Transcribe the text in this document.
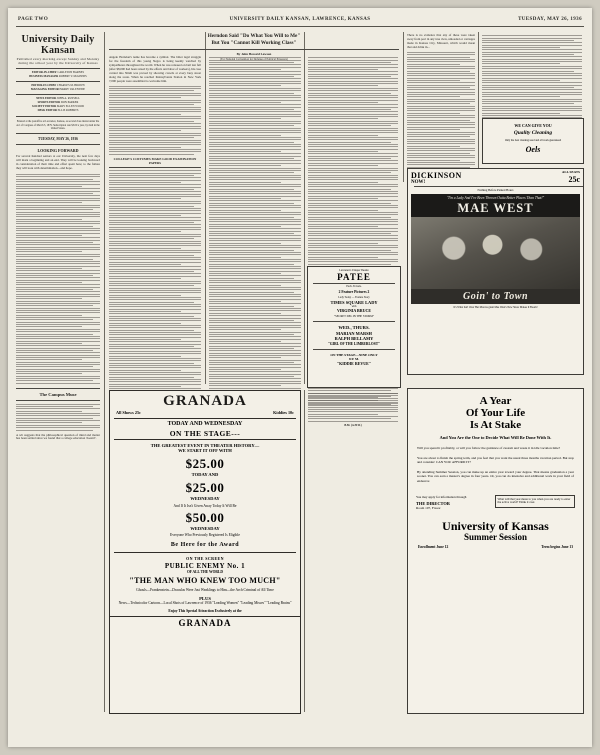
PAGE TWO	UNIVERSITY DAILY KANSAN, LAWRENCE, KANSAS	TUESDAY, MAY 26, 1936
University Daily Kansan
Published every morning except Sunday and Monday during the school year by the University of Kansas
EDITOR-IN-CHIEF CARLETON BARNES
BUSINESS MANAGER ROBERT V. McGINNIS
EDITOR-IN-CHIEF CHARLES M. BROWN
MANAGING EDITOR HARRY VALENTINE
NEWS EDITOR JOHN A. RUSSELL
SPORTS EDITOR DON PARKER
SOCIETY EDITOR MARY ELLEN WOOD
DESK EDITOR ELLIS ROBERTS
Entered at the postoffice at Lawrence, Kansas, as second class matter under the Act of Congress of March 3, 1879. Subscription rate $3.00 a year, by mail in the United States.
TUESDAY, MAY 26, 1936
LOOKING FORWARD
For several hundred seniors at our University, the next few days will mark a beginning and an end. They will be looking backward in consideration of their time and effort spent here; to the failure they will look with determination—and hope.
The Campus Muse
A wit suggests that the philosophical question of mind and matter has been settled since we found that a college education 'doesn't'.
COLLEGE'S COSTUMES MAKE GOOD EXAMINATION PAPERS
Herndon Said "Do What You Will to Me"
But You "Cannot Kill Working Class"
By John Howard Lawson
Angelo Herndon's name has become a symbol. The bitter legal struggle for the freedom of this young Negro is being keenly watched by sympathizers throughout the world. When he was released on bail last fall (after $8,000 had been raised by the efforts and labor of workers), his case carried into Ninth was proved by showing crowds at every busy street along the route. When he reached Pennsylvania Station in New York 7,000 people were assembled to welcome him.
B.M. (A.H.W.)
There is no evidence that any of these were taken away from port in any true view, unloaded or carriages made in Kansas City, Missouri, which would mean that and drink in...
WE CAN GIVE YOU
Quality Cleaning
Only the best cleaning used and all work guaranteed
Oels
DICKINSON
NOW!
ALL SEATS
25c
Nothing Before Parked Hours
"I'm a Lady And I've Been Thrown Outta Better Places Than That!"
MAE WEST
Goin' to Town
It's What Isn't Over Her Marcus giant Mae West's New Show Makes It Boom!
Lawrence's Unique Theatre
PATEE
Each. Travels.
2 Feature Pictures 2
Lady Today — Feature Story
TIMES SQUARE LADY
with
VIRGINIA BRUCE
"SECRET DEL IN THE STORM"
WED., THURS.
MARIAN MARSH
RALPH BELLAMY
"GIRL OF THE LIMBERLOST"
ON THE STAGE—NINE ONLY
8 P. M.
"KIDDIE REVUE"
GRANADA
All Shows 25c	Kiddies 10c
TODAY AND WEDNESDAY
ON THE STAGE---
THE GREATEST EVENT IN THEATER HISTORY—
WE START IT OFF WITH
$25.00
TODAY AND
$25.00
WEDNESDAY
And If It Isn't Given Away Today It Will Be
$50.00
WEDNESDAY
Everyone Who Previously Registered Is Eligible
Be Here for the Award
ON THE SCREEN
PUBLIC ENEMY No. 1
OF ALL THE WORLD
"THE MAN WHO KNEW TOO MUCH"
Ghouls—Frankenstein—Draculas Were Just Weaklings to Him—the Arch Criminal of All Time
PLUS
News—Technicolor Cartoon—Local Shots of Lawrence of 1936 "Leading Women" "Leading Misses" "Leading Brains"
Enjoy This Special Attraction Exclusively at the
GRANADA
A Year
Of Your Life
Is At Stake
And You Are the One to Decide What Will Be Done With It.
Will you spend it profitably, or will you follow the guidance of custom and waste it in idle vacation time?
You are about to finish the spring term, and you feel that you want the usual three months vacation period. But stop and consider: CAN YOU AFFORD IT?
By attending Summer Session, you can make up an entire year toward your degree. That means graduation a year sooner. You can earn a master's degree in four years. Or, you can do intensive and additional work in your field of endeavor.
You may apply for information through
THE DIRECTOR
Room 107, Frasor
What will that year mean to you when you are ready to enter the active world? Think it over.
University of Kansas
Summer Session
Enrollment June 12	Term begins June 13
